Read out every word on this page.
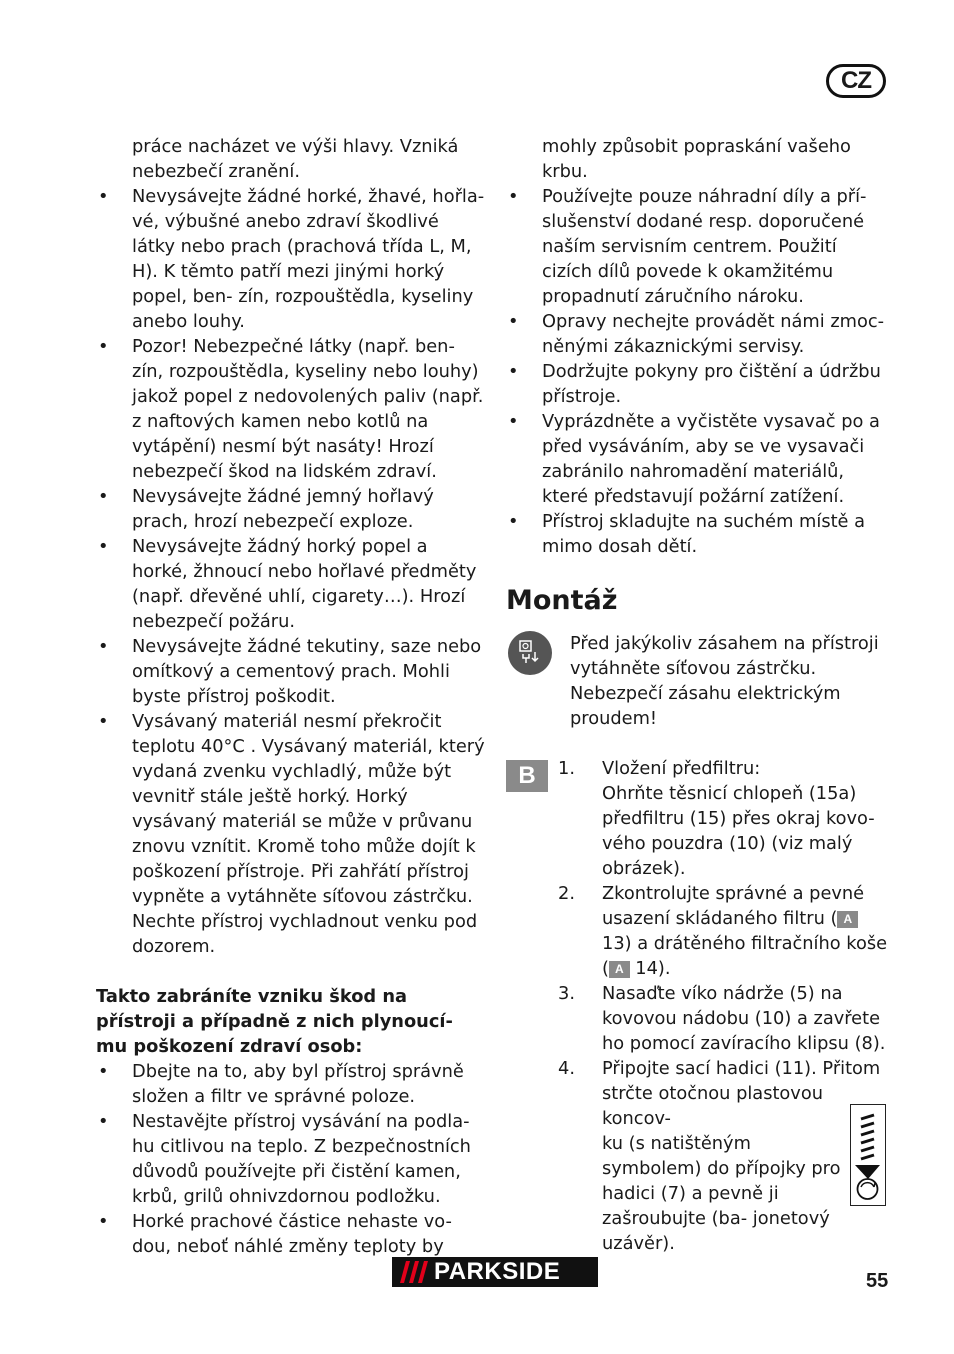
CZ

práce nacházet ve výši hlavy. Vzniká nebezbečí zranění.

• Nevysávejte žádné horké, žhavé, hořla- vé, výbušné anebo zdraví škodlivé látky nebo prach (prachová třída L, M, H). K těmto patří mezi jinými horký popel, ben- zín, rozpouštědla, kyseliny anebo louhy.

• Pozor! Nebezpečné látky (např. ben- zín, rozpouštědla, kyseliny nebo louhy) jakož popel z nedovolených paliv (např. z naftových kamen nebo kotlů na vytápění) nesmí být nasáty! Hrozí nebezpečí škod na lidském zdraví.

• Nevysávejte žádné jemný hořlavý prach, hrozí nebezpečí exploze.

• Nevysávejte žádný horký popel a horké, žhnoucí nebo hořlavé předměty (např. dřevěné uhlí, cigarety…). Hrozí nebezpečí požáru.

• Nevysávejte žádné tekutiny, saze nebo omítkový a cementový prach. Mohli byste přístroj poškodit.

• Vysávaný materiál nesmí překročit teplotu 40°C . Vysávaný materiál, který vydaná zvenku vychladlý, může být vevnitř stále ještě horký. Horký vysávaný materiál se může v průvanu znovu vznítit. Kromě toho může dojít k poškození přístroje. Při zahřátí přístroj vypněte a vytáhněte síťovou zástrčku. Nechte přístroj vychladnout venku pod dozorem.

Takto zabráníte vzniku škod na přístroji a případně z nich plynoucí- mu poškození zdraví osob:

• Dbejte na to, aby byl přístroj správně složen a filtr ve správné poloze.

• Nestavějte přístroj vysávání na podla- hu citlivou na teplo. Z bezpečnostních důvodů používejte při čistění kamen, krbů, grilů ohnivzdornou podložku.

• Horké prachové částice nehaste vo- dou, neboť náhlé změny teploty by

mohly způsobit popraskání vašeho krbu.

• Používejte pouze náhradní díly a pří- slušenství dodané resp. doporučené naším servisním centrem. Použití cizích dílů povede k okamžitému propadnutí záručního nároku.

• Opravy nechejte provádět námi zmoc- něnými zákaznickými servisy.

• Dodržujte pokyny pro čištění a údržbu přístroje.

• Vyprázdněte a vyčistěte vysavač po a před vysáváním, aby se ve vysavači zabránilo nahromadění materiálů, které představují požární zatížení.

• Přístroj skladujte na suchém místě a mimo dosah dětí.

Montáž

Před jakýkoliv zásahem na přístroji vytáhněte síťovou zástrčku. Nebezpečí zásahu elektrickým proudem!

B	1. Vložení předfiltru:

Ohrňte těsnicí chlopeň (15a) předfiltru (15) přes okraj kovo- vého pouzdra (10) (viz malý obrázek).

2. Zkontrolujte správné a pevné usazení skládaného filtru ( A 13) a drátěného filtračního koše ( A 14).

3. Nasaďte víko nádrže (5) na kovovou nádobu (10) a zavřete ho pomocí zavíracího klipsu (8).

4. Připojte sací hadici (11). Přitom strčte otočnou plastovou koncov-

ku (s natištěným symbolem) do přípojky pro hadici (7) a pevně ji zašroubujte (ba- jonetový uzávěr).

PARKSIDE	55
